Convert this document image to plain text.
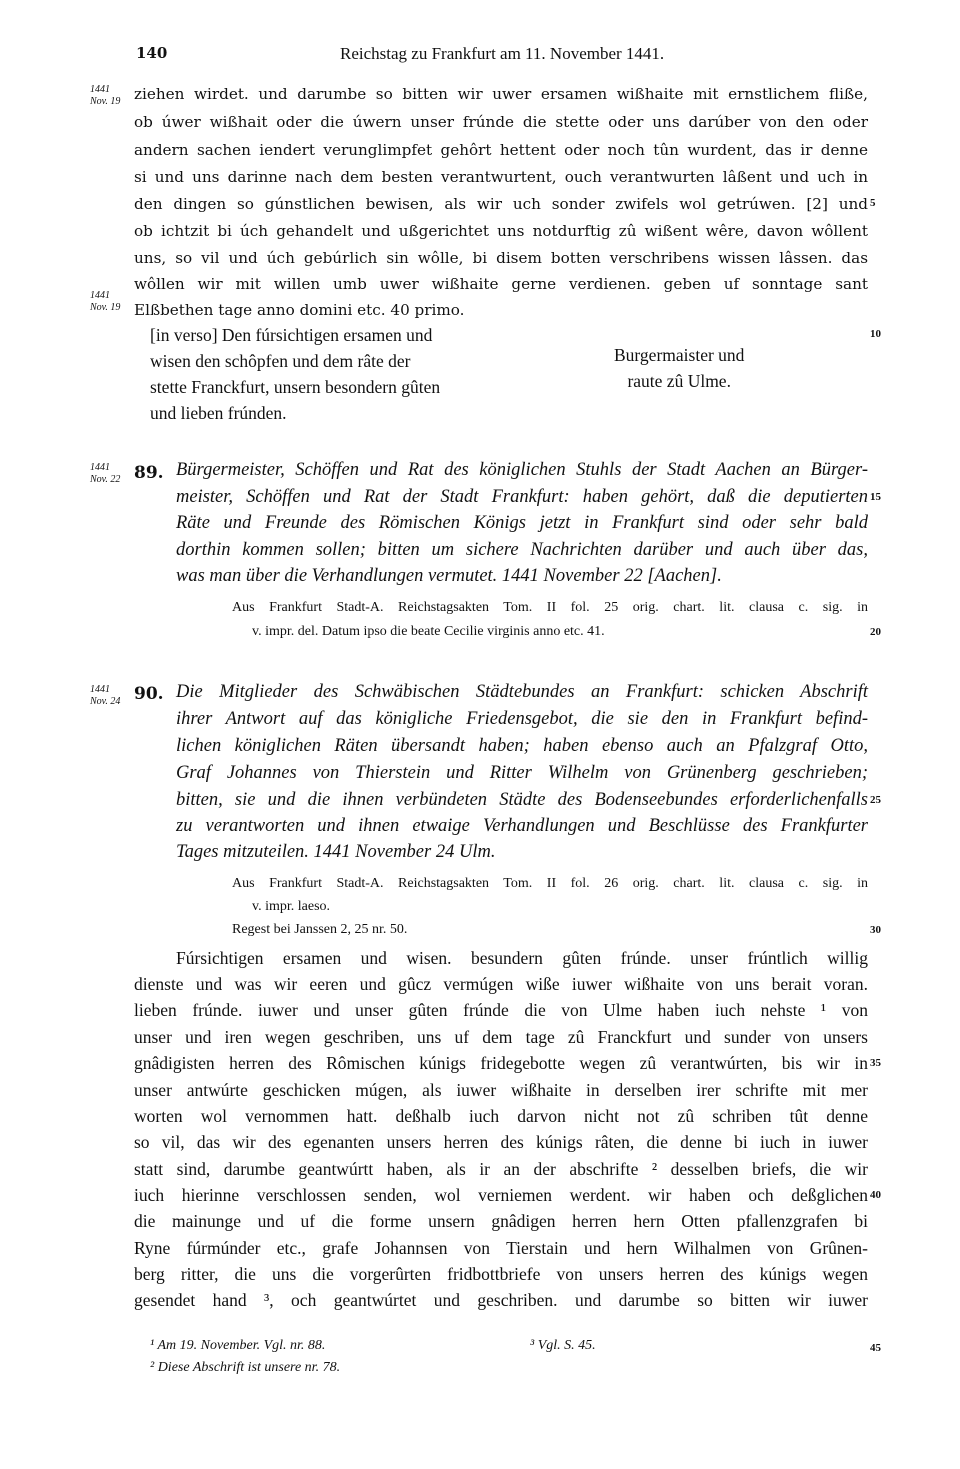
140	Reichstag zu Frankfurt am 11. November 1441.
1441
Nov. 19 ziehen wirdet. und darumbe so bitten wir uwer ersamen wißhaite mit ernstlichem fliße,
ob úwer wißhait oder die úwern unser frúnde die stette oder uns darúber von den oder
andern sachen iendert verunglimpfet gehôrt hettent oder noch tûn wurdent, das ir denne
si und uns darinne nach dem besten verantwurtent, ouch verantwurten lâßent und uch in
den dingen so gúnstlichen bewisen, als wir uch sonder zwifels wol getrúwen. [2] und 5
ob ichtzit bi úch gehandelt und ußgerichtet uns notdurftig zû wißent wêre, davon wôllent
uns, so vil und úch gebúrlich sin wôlle, bi disem botten verschribens wissen lâssen. das
wôllen wir mit willen umb uwer wißhaite gerne verdienen. geben uf sonntage sant
1441
Nov. 19 Elßbethen tage anno domini etc. 40 primo.
[in verso] Den fúrsichtigen ersamen und
wisen den schôpfen und dem râte der
stette Franckfurt, unsern besondern gûten
und lieben frúnden.
10
Burgermaister und
raute zû Ulme.
1441
Nov. 22 89. Bürgermeister, Schöffen und Rat des königlichen Stuhls der Stadt Aachen an Bürger-
meister, Schöffen und Rat der Stadt Frankfurt: haben gehört, daß die deputierten 15
Räte und Freunde des Römischen Königs jetzt in Frankfurt sind oder sehr bald
dorthin kommen sollen; bitten um sichere Nachrichten darüber und auch über das,
was man über die Verhandlungen vermutet. 1441 November 22 [Aachen].
Aus Frankfurt Stadt-A. Reichstagsakten Tom. II fol. 25 orig. chart. lit. clausa c. sig. in
v. impr. del. Datum ipso die beate Cecilie virginis anno etc. 41.	20
1441
Nov. 24 90. Die Mitglieder des Schwäbischen Städtebundes an Frankfurt: schicken Abschrift
ihrer Antwort auf das königliche Friedensgebot, die sie den in Frankfurt befind-
lichen königlichen Räten übersandt haben; haben ebenso auch an Pfalzgraf Otto,
Graf Johannes von Thierstein und Ritter Wilhelm von Grünenberg geschrieben;
bitten, sie und die ihnen verbündeten Städte des Bodenseebundes erforderlichenfalls 25
zu verantworten und ihnen etwaige Verhandlungen und Beschlüsse des Frankfurter
Tages mitzuteilen. 1441 November 24 Ulm.
Aus Frankfurt Stadt-A. Reichstagsakten Tom. II fol. 26 orig. chart. lit. clausa c. sig. in
v. impr. laeso.
Regest bei Janssen 2, 25 nr. 50.	30
Fúrsichtigen ersamen und wisen. besundern gûten frúnde. unser frúntlich willig
dienste und was wir eeren und gûcz vermúgen wiße iuwer wißhaite von uns berait voran.
lieben frúnde. iuwer und unser gûten frúnde die von Ulme haben iuch nehste ¹ von
unser und iren wegen geschriben, uns uf dem tage zû Franckfurt und sunder von unsers
gnâdigisten herren des Rômischen kúnigs fridegebotte wegen zû verantwúrten, bis wir in 35
unser antwúrte geschicken múgen, als iuwer wißhaite in derselben irer schrifte mit mer
worten wol vernommen hatt. deßhalb iuch darvon nicht not zû schriben tût denne
so vil, das wir des egenanten unsers herren des kúnigs râten, die denne bi iuch in iuwer
statt sind, darumbe geantwúrtt haben, als ir an der abschrifte ² desselben briefs, die wir
iuch hierinne verschlossen senden, wol verniemen werdent. wir haben och deßglichen 40
die mainunge und uf die forme unsern gnâdigen herren hern Otten pfallenzgrafen bi
Ryne fúrmúnder etc., grafe Johannsen von Tierstain und hern Wilhalmen von Grûnen-
berg ritter, die uns die vorgerûrten fridbottbriefe von unsers herren des kúnigs wegen
gesendet hand ³, och geantwúrtet und geschriben. und darumbe so bitten wir iuwer
¹ Am 19. November. Vgl. nr. 88.	³ Vgl. S. 45.	45
² Diese Abschrift ist unsere nr. 78.
